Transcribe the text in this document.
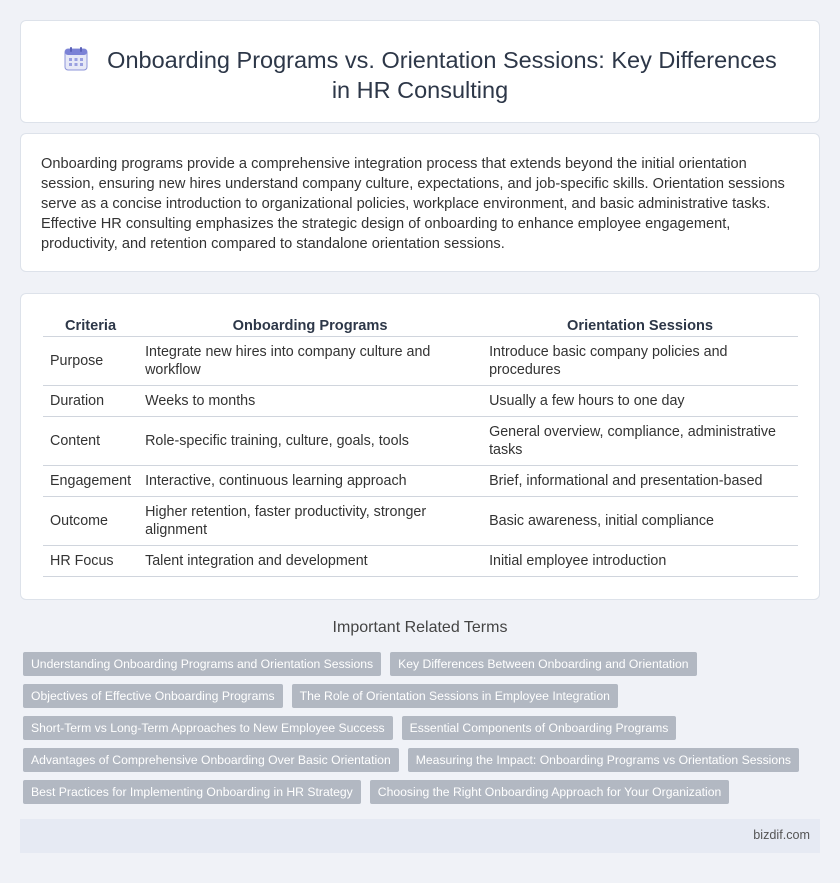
Onboarding Programs vs. Orientation Sessions: Key Differences in HR Consulting

Onboarding programs provide a comprehensive integration process that extends beyond the initial orientation session, ensuring new hires understand company culture, expectations, and job-specific skills. Orientation sessions serve as a concise introduction to organizational policies, workplace environment, and basic administrative tasks. Effective HR consulting emphasizes the strategic design of onboarding to enhance employee engagement, productivity, and retention compared to standalone orientation sessions.

Criteria	Onboarding Programs	Orientation Sessions
Purpose	Integrate new hires into company culture and workflow	Introduce basic company policies and procedures
Duration	Weeks to months	Usually a few hours to one day
Content	Role-specific training, culture, goals, tools	General overview, compliance, administrative tasks
Engagement	Interactive, continuous learning approach	Brief, informational and presentation-based
Outcome	Higher retention, faster productivity, stronger alignment	Basic awareness, initial compliance
HR Focus	Talent integration and development	Initial employee introduction
Important Related Terms
Understanding Onboarding Programs and Orientation Sessions Key Differences Between Onboarding and Orientation
Objectives of Effective Onboarding Programs The Role of Orientation Sessions in Employee Integration
Short-Term vs Long-Term Approaches to New Employee Success Essential Components of Onboarding Programs
Advantages of Comprehensive Onboarding Over Basic Orientation Measuring the Impact: Onboarding Programs vs Orientation Sessions
Best Practices for Implementing Onboarding in HR Strategy Choosing the Right Onboarding Approach for Your Organization
bizdif.com
